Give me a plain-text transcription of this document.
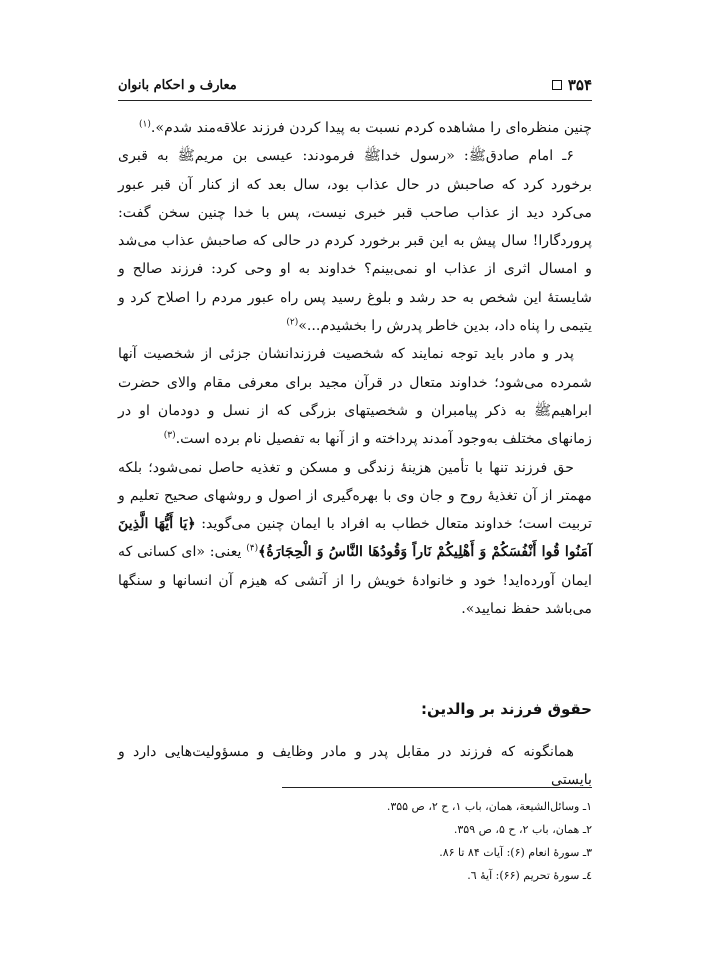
۳۵۴
معارف و احکام بانوان

چنین منظره‌ای را مشاهده کردم نسبت به پیدا کردن فرزند علاقه‌مند شدم».$^{(۱)}$

۶ـ امام صادقﷺ: «رسول خداﷺ فرمودند: عیسی بن مریمﷺ به قبری برخورد کرد که صاحبش در حال عذاب بود، سال بعد که از کنار آن قبر عبور می‌کرد دید از عذاب صاحب قبر خبری نیست، پس با خدا چنین سخن گفت: پروردگارا! سال پیش به این قبر برخورد کردم در حالی که صاحبش عذاب می‌شد و امسال اثری از عذاب او نمی‌بینم؟ خداوند به او وحی کرد: فرزند صالح و شایستهٔ این شخص به حد رشد و بلوغ رسید پس راه عبور مردم را اصلاح کرد و یتیمی را پناه داد، بدین خاطر پدرش را بخشیدم...»$^{(۲)}$

پدر و مادر باید توجه نمایند که شخصیت فرزندانشان جزئی از شخصیت آنها شمرده می‌شود؛ خداوند متعال در قرآن مجید برای معرفی مقام والای حضرت ابراهیمﷺ به ذکر پیامبران و شخصیتهای بزرگی که از نسل و دودمان او در زمانهای مختلف به‌وجود آمدند پرداخته و از آنها به تفصیل نام برده است.$^{(۳)}$

حق فرزند تنها با تأمین هزینهٔ زندگی و مسکن و تغذیه حاصل نمی‌شود؛ بلکه مهمتر از آن تغذیهٔ روح و جان وی با بهره‌گیری از اصول و روشهای صحیح تعلیم و تربیت است؛ خداوند متعال خطاب به افراد با ایمان چنین می‌گوید: ﴿يَا أَيُّهَا الَّذِينَ آمَنُوا قُوا أَنْفُسَكُمْ وَ أَهْلِيكُمْ نَاراً وَقُودُهَا النَّاسُ وَ الْحِجَارَةُ﴾$^{(۴)}$ یعنی: «ای کسانی که ایمان آورده‌اید! خود و خانوادهٔ خویش را از آتشی که هیزم آن انسانها و سنگها می‌باشد حفظ نمایید».

حقوق فرزند بر والدین:
همانگونه که فرزند در مقابل پدر و مادر وظایف و مسؤولیت‌هایی دارد و بایستی
۱ـ وسائل‌الشیعة، همان، باب ۱، ح ۲، ص ۳۵۵.
۲ـ همان، باب ۲، ح ۵، ص ۳۵۹.
۳ـ سورهٔ انعام (۶): آیات ۸۴ تا ۸۶.
٤ـ سورهٔ تحریم (۶۶): آیهٔ ٦.
